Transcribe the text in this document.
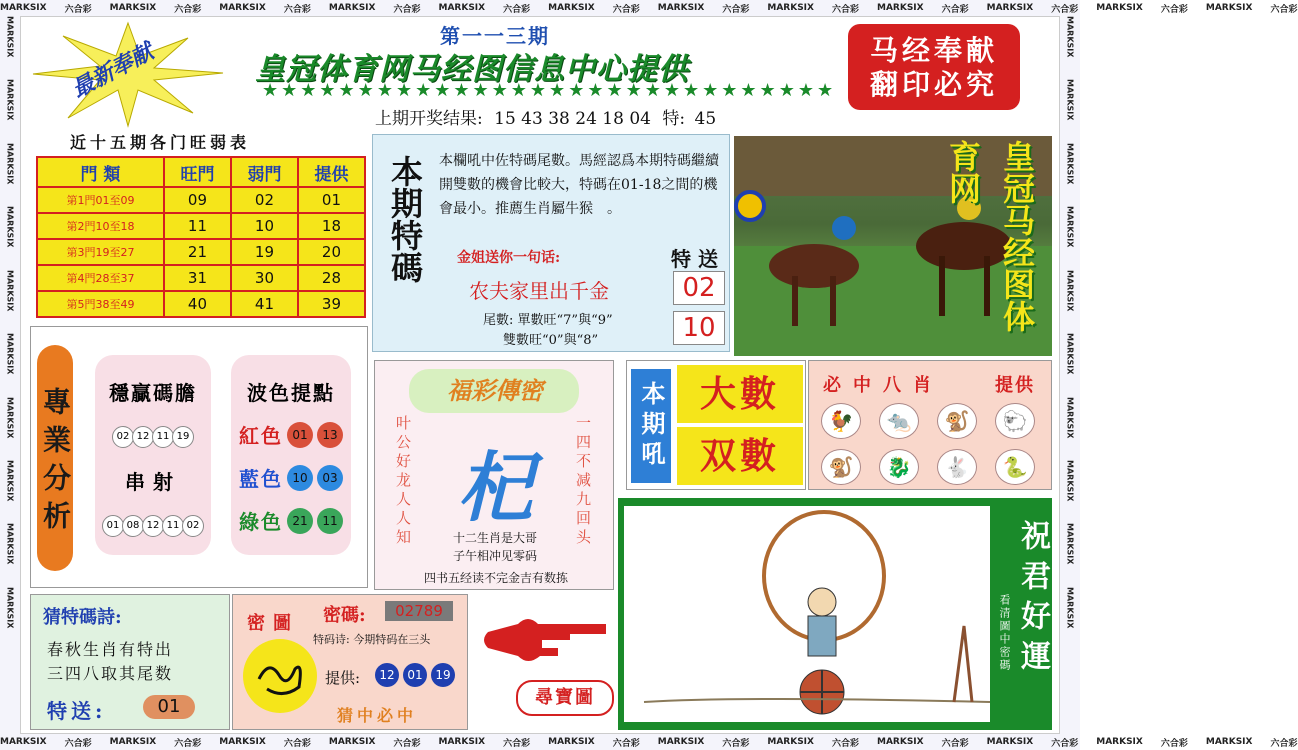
MARKSIX 六合彩 MARKSIX 六合彩 MARKSIX 六合彩 MARKSIX 六合彩 MARKSIX 六合彩 MARKSIX 六合彩 MARKSIX 六合彩 MARKSIX 六合彩 MARKSIX 六合彩 MARKSIX 六合彩 MARKSIX 六合彩 MARKSIX 六合彩
MARKSIX 六合彩 MARKSIX 六合彩 MARKSIX 六合彩 MARKSIX 六合彩 MARKSIX 六合彩 MARKSIX 六合彩 MARKSIX 六合彩 MARKSIX 六合彩 MARKSIX 六合彩 MARKSIX 六合彩 MARKSIX 六合彩 MARKSIX 六合彩
MARKSIX
MARKSIX
MARKSIX
MARKSIX
MARKSIX
MARKSIX
MARKSIX
MARKSIX
MARKSIX
MARKSIX
MARKSIX
MARKSIX
MARKSIX
MARKSIX
MARKSIX
MARKSIX
MARKSIX
MARKSIX
MARKSIX
MARKSIX
最新奉献
第一一三期
皇冠体育网马经图信息中心提供
★★★★★★★★★★★★★★★★★★★★★★★★★★★★★★
上期开奖结果: 15 43 38 24 18 04 特: 45
马经奉献
翻印必究
近十五期各门旺弱表
門 類	旺門	弱門	提供
第1門01至09	09	02	01
第2門10至18	11	10	18
第3門19至27	21	19	20
第4門28至37	31	30	28
第5門38至49	40	41	39
本期特碼 本欄吼中佐特碼尾數。馬經認爲本期特碼繼續開雙數的機會比較大，特碼在01-18之間的機會最小。推薦生肖屬牛猴　。
金姐送你一句话:
农夫家里出千金
尾數: 單數旺“7”與“9”
雙數旺“0”與“8”
特 送
02
10	皇冠马经图体育网
專業分析	穩贏碼膽
02 12 11 19
串射
01 08 12 11 02
波色提點
紅色 01	13
藍色 10	03
綠色 21	11
福彩傳密
叶公好龙人人知	一四不减九回头
杞
十二生肖是大哥
子午相冲见零码
四书五经读不完金吉有数拣
本期吼 大數
双數
必中八肖	提供
🐓	🐀	🐒	🐑
🐒	🐉	🐇	🐍
祝君好運
看清圖中密碼
猜特碼詩:
春秋生肖有特出
三四八取其尾数
特送:	01
密圖 密碼:	02789
特码诗: 今期特码在三头
提供:	12 01 19
猜中必中
尋寶圖
